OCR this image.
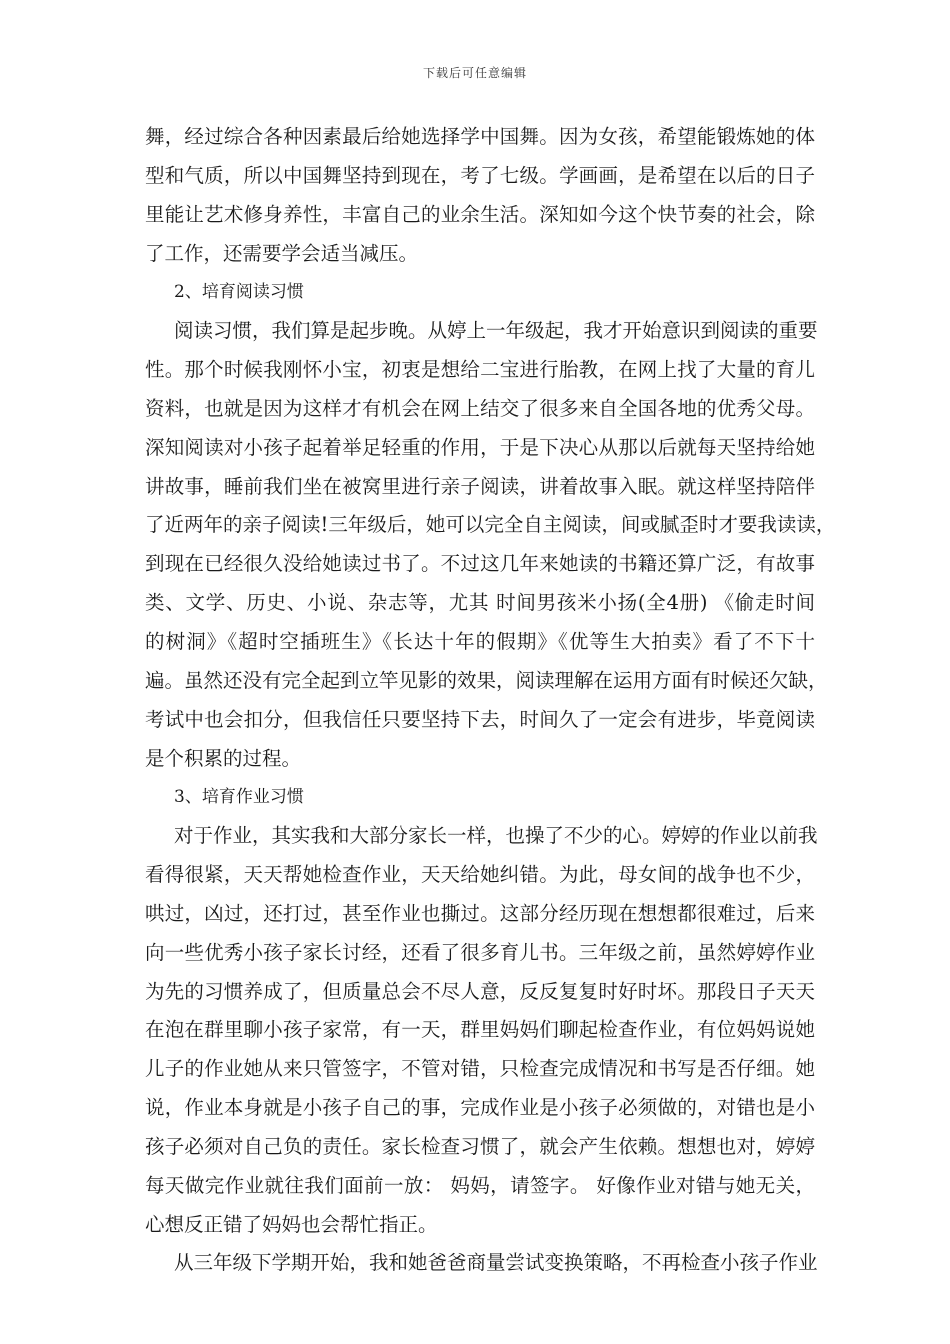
下载后可任意编辑
舞，经过综合各种因素最后给她选择学中国舞。因为女孩，希望能锻炼她的体
型和气质，所以中国舞坚持到现在，考了七级。学画画，是希望在以后的日子
里能让艺术修身养性，丰富自己的业余生活。深知如今这个快节奏的社会，除
了工作，还需要学会适当减压。
2、培育阅读习惯
阅读习惯，我们算是起步晚。从婷上一年级起，我才开始意识到阅读的重要
性。那个时候我刚怀小宝，初衷是想给二宝进行胎教，在网上找了大量的育儿
资料，也就是因为这样才有机会在网上结交了很多来自全国各地的优秀父母。
深知阅读对小孩子起着举足轻重的作用，于是下决心从那以后就每天坚持给她
讲故事，睡前我们坐在被窝里进行亲子阅读，讲着故事入眠。就这样坚持陪伴
了近两年的亲子阅读!三年级后，她可以完全自主阅读，间或腻歪时才要我读读，
到现在已经很久没给她读过书了。不过这几年来她读的书籍还算广泛，有故事
类、文学、历史、小说、杂志等，尤其 时间男孩米小扬(全4册) 《偷走时间
的树洞》《超时空插班生》《长达十年的假期》《优等生大拍卖》看了不下十
遍。虽然还没有完全起到立竿见影的效果，阅读理解在运用方面有时候还欠缺，
考试中也会扣分，但我信任只要坚持下去，时间久了一定会有进步，毕竟阅读
是个积累的过程。
3、培育作业习惯
对于作业，其实我和大部分家长一样，也操了不少的心。婷婷的作业以前我
看得很紧，天天帮她检查作业，天天给她纠错。为此，母女间的战争也不少，
哄过，凶过，还打过，甚至作业也撕过。这部分经历现在想想都很难过，后来
向一些优秀小孩子家长讨经，还看了很多育儿书。三年级之前，虽然婷婷作业
为先的习惯养成了，但质量总会不尽人意，反反复复时好时坏。那段日子天天
在泡在群里聊小孩子家常，有一天，群里妈妈们聊起检查作业，有位妈妈说她
儿子的作业她从来只管签字，不管对错，只检查完成情况和书写是否仔细。她
说，作业本身就是小孩子自己的事，完成作业是小孩子必须做的，对错也是小
孩子必须对自己负的责任。家长检查习惯了，就会产生依赖。想想也对，婷婷
每天做完作业就往我们面前一放： 妈妈，请签字。 好像作业对错与她无关，
心想反正错了妈妈也会帮忙指正。
从三年级下学期开始，我和她爸爸商量尝试变换策略，不再检查小孩子作业
